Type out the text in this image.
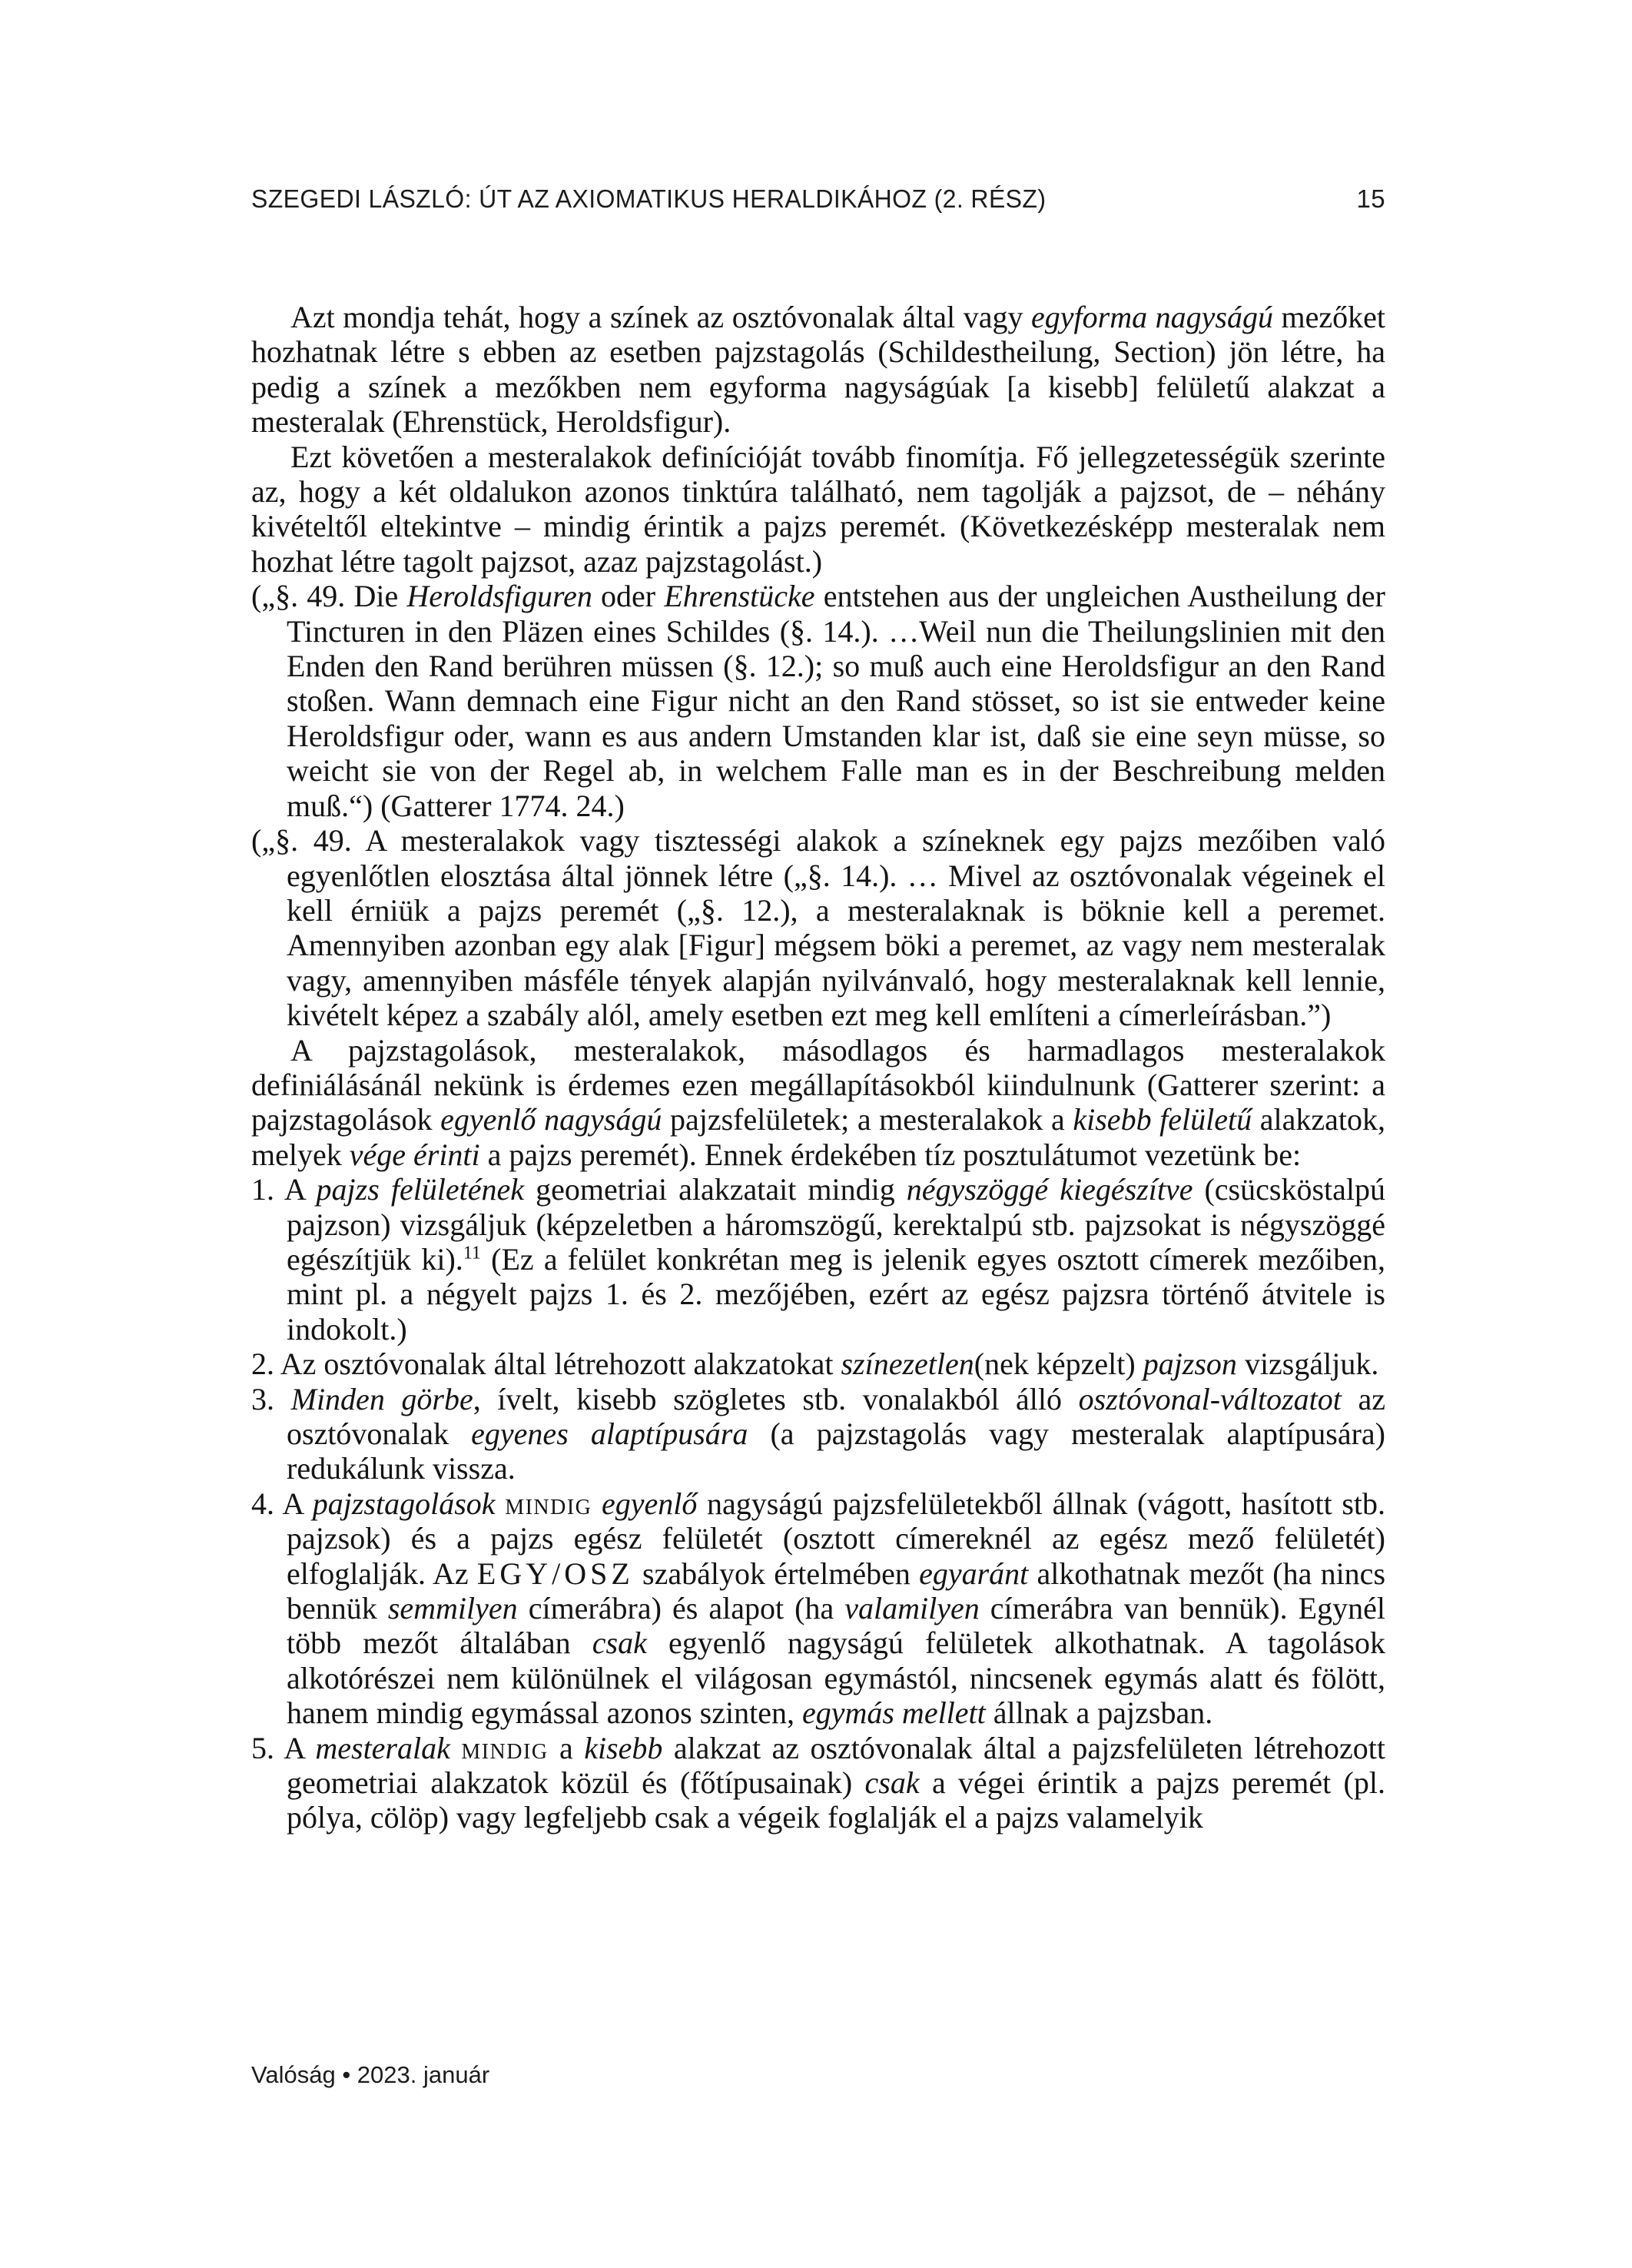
SZEGEDI LÁSZLÓ: ÚT AZ AXIOMATIKUS HERALDIKÁHOZ (2. RÉSZ)	15

Azt mondja tehát, hogy a színek az osztóvonalak által vagy egyforma nagyságú mezőket hozhatnak létre s ebben az esetben pajzstagolás (Schildestheilung, Section) jön létre, ha pedig a színek a mezőkben nem egyforma nagyságúak [a kisebb] felületű alakzat a mesteralak (Ehrenstück, Heroldsfigur).

Ezt követően a mesteralakok definícióját tovább finomítja. Fő jellegzetességük szerinte az, hogy a két oldalukon azonos tinktúra található, nem tagolják a pajzsot, de – néhány kivételtől eltekintve – mindig érintik a pajzs peremét. (Következésképp mesteralak nem hozhat létre tagolt pajzsot, azaz pajzstagolást.)

(„§. 49. Die Heroldsfiguren oder Ehrenstücke entstehen aus der ungleichen Austheilung der Tincturen in den Pläzen eines Schildes (§. 14.). …Weil nun die Theilungslinien mit den Enden den Rand berühren müssen (§. 12.); so muß auch eine Heroldsfigur an den Rand stoßen. Wann demnach eine Figur nicht an den Rand stösset, so ist sie entweder keine Heroldsfigur oder, wann es aus andern Umstanden klar ist, daß sie eine seyn müsse, so weicht sie von der Regel ab, in welchem Falle man es in der Beschreibung melden muß.“) (Gatterer 1774. 24.)

(„§. 49. A mesteralakok vagy tisztességi alakok a színeknek egy pajzs mezőiben való egyenlőtlen elosztása által jönnek létre („§. 14.). … Mivel az osztóvonalak végeinek el kell érniük a pajzs peremét („§. 12.), a mesteralaknak is böknie kell a peremet. Amennyiben azonban egy alak [Figur] mégsem böki a peremet, az vagy nem mesteralak vagy, amennyiben másféle tények alapján nyilvánvaló, hogy mesteralaknak kell lennie, kivételt képez a szabály alól, amely esetben ezt meg kell említeni a címerleírásban.”)

A pajzstagolások, mesteralakok, másodlagos és harmadlagos mesteralakok definiálásánál nekünk is érdemes ezen megállapításokból kiindulnunk (Gatterer szerint: a pajzstagolások egyenlő nagyságú pajzsfelületek; a mesteralakok a kisebb felületű alakzatok, melyek vége érinti a pajzs peremét). Ennek érdekében tíz posztulátumot vezetünk be:

1. A pajzs felületének geometriai alakzatait mindig négyszöggé kiegészítve (csücsköstalpú pajzson) vizsgáljuk (képzeletben a háromszögű, kerektalpú stb. pajzsokat is négyszöggé egészítjük ki).$^{11}$ (Ez a felület konkrétan meg is jelenik egyes osztott címerek mezőiben, mint pl. a négyelt pajzs 1. és 2. mezőjében, ezért az egész pajzsra történő átvitele is indokolt.)

2. Az osztóvonalak által létrehozott alakzatokat színezetlen(nek képzelt) pajzson vizsgáljuk.

3. Minden görbe, ívelt, kisebb szögletes stb. vonalakból álló osztóvonal-változatot az osztóvonalak egyenes alaptípusára (a pajzstagolás vagy mesteralak alaptípusára) redukálunk vissza.

4. A pajzstagolások mindig egyenlő nagyságú pajzsfelületekből állnak (vágott, hasított stb. pajzsok) és a pajzs egész felületét (osztott címereknél az egész mező felületét) elfoglalják. Az EGY/OSZ szabályok értelmében egyaránt alkothatnak mezőt (ha nincs bennük semmilyen címerábra) és alapot (ha valamilyen címerábra van bennük). Egynél több mezőt általában csak egyenlő nagyságú felületek alkothatnak. A tagolások alkotórészei nem különülnek el világosan egymástól, nincsenek egymás alatt és fölött, hanem mindig egymással azonos szinten, egymás mellett állnak a pajzsban.

5. A mesteralak mindig a kisebb alakzat az osztóvonalak által a pajzsfelületen létrehozott geometriai alakzatok közül és (főtípusainak) csak a végei érintik a pajzs peremét (pl. pólya, cölöp) vagy legfeljebb csak a végeik foglalják el a pajzs valamelyik

Valóság • 2023. január
